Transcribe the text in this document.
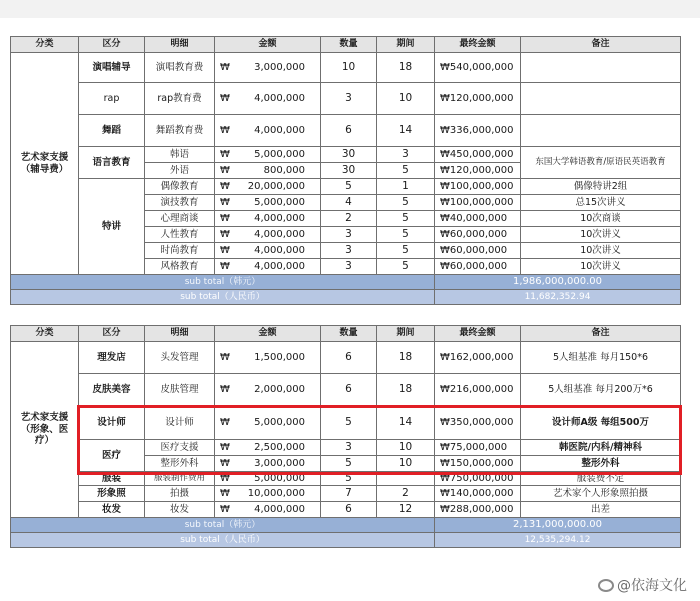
分类	区分	明细	金额	数量	期间	最终金额	备注
艺术家支援
（辅导费）	演唱辅导	演唱教育费	₩ 3,000,000	10	18	₩ 540,000,000	

	rap	rap教育费	₩ 4,000,000	3	10	₩ 120,000,000	

	舞蹈	舞蹈教育费	₩ 4,000,000	6	14	₩ 336,000,000	

	语言教育	韩语	₩ 5,000,000	30	3	₩ 450,000,000	东国大学韩语教育/原语民英语教育
		外语	₩ 800,000	30	5	₩ 120,000,000	

	特讲	偶像教育	₩ 20,000,000	5	1	₩ 100,000,000	偶像特讲2组
		演技教育	₩ 5,000,000	4	5	₩ 100,000,000	总15次讲义
		心理商谈	₩ 4,000,000	2	5	₩ 40,000,000	10次商谈
		人性教育	₩ 4,000,000	3	5	₩ 60,000,000	10次讲义
		时尚教育	₩ 4,000,000	3	5	₩ 60,000,000	10次讲义
		风格教育	₩ 4,000,000	3	5	₩ 60,000,000	10次讲义
sub total（韩元）						1,986,000,000.00	
sub total（人民币）						11,682,352.94	
分类	区分	明细	金额	数量	期间	最终金额	备注
艺术家支援
（形象、医疗）	理发店	头发管理	₩ 1,500,000	6	18	₩ 162,000,000	5人组基准 每月150*6
	皮肤美容	皮肤管理	₩ 2,000,000	6	18	₩ 216,000,000	5人组基准 每月200万*6
	设计师	设计师	₩ 5,000,000	5	14	₩ 350,000,000	设计师A级 每组500万
	医疗	医疗支援	₩ 2,500,000	3	10	₩ 75,000,000	韩医院/内科/精神科
		整形外科	₩ 3,000,000	5	10	₩ 150,000,000	整形外科
	服装	服装制作费用	₩ 5,000,000	5		₩ 750,000,000	服装费不定
	形象照	拍摄	₩ 10,000,000	7	2	₩ 140,000,000	艺术家个人形象照拍摄
	妆发	妆发	₩ 4,000,000	6	12	₩ 288,000,000	出差
sub total（韩元）						2,131,000,000.00	
sub total（人民币）						12,535,294.12	
@依海文化
